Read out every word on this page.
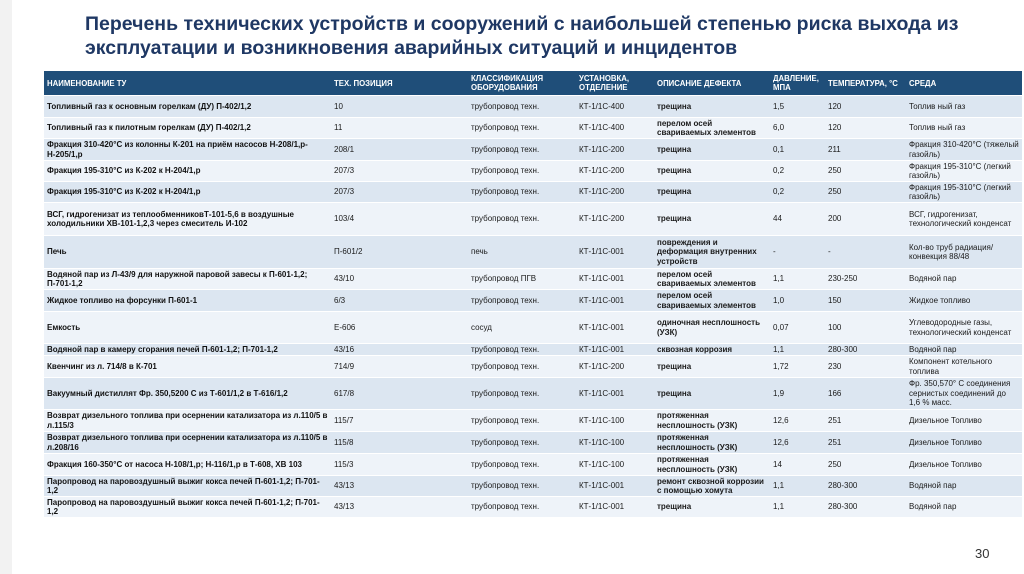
Перечень технических устройств и сооружений с наибольшей степенью риска выхода из эксплуатации и возникновения аварийных ситуаций и инцидентов
НАИМЕНОВАНИЕ ТУ	ТЕХ. ПОЗИЦИЯ	КЛАССИФИКАЦИЯ ОБОРУДОВАНИЯ	УСТАНОВКА, ОТДЕЛЕНИЕ	ОПИСАНИЕ ДЕФЕКТА	ДАВЛЕНИЕ, МПА	ТЕМПЕРАТУРА, °С	СРЕДА
Топливный газ к основным горелкам (ДУ) П-402/1,2	10	трубопровод техн.	КТ-1/1С-400	трещина	1,5	120	Топлив ный газ
Топливный газ к пилотным горелкам (ДУ) П-402/1,2	11	трубопровод техн.	КТ-1/1С-400	перелом осей свариваемых элементов	6,0	120	Топлив ный газ
Фракция 310-420°С из колонны К-201 на приём насосов Н-208/1,р-Н-205/1,р	208/1	трубопровод техн.	КТ-1/1С-200	трещина	0,1	211	Фракция 310-420°С (тяжелый газойль)
Фракция 195-310°С из К-202 к Н-204/1,р	207/3	трубопровод техн.	КТ-1/1С-200	трещина	0,2	250	Фракция 195-310°С (легкий газойль)
Фракция 195-310°С из К-202 к Н-204/1,р	207/3	трубопровод техн.	КТ-1/1С-200	трещина	0,2	250	Фракция 195-310°С (легкий газойль)
ВСГ, гидрогенизат из теплообменниковТ-101-5,6 в воздушные холодильники ХВ-101-1,2,3 через смеситель И-102	103/4	трубопровод техн.	КТ-1/1С-200	трещина	44	200	ВСГ, гидрогенизат, технологический конденсат
Печь	П-601/2	печь	КТ-1/1С-001	повреждения и деформация внутренних устройств	-	-	Кол-во труб радиация/конвекция 88/48
Водяной пар из Л-43/9 для наружной паровой завесы к П-601-1,2; П-701-1,2	43/10	трубопровод ПГВ	КТ-1/1С-001	перелом осей свариваемых элементов	1,1	230-250	Водяной пар
Жидкое топливо на форсунки П-601-1	6/3	трубопровод техн.	КТ-1/1С-001	перелом осей свариваемых элементов	1,0	150	Жидкое топливо
Емкость	Е-606	сосуд	КТ-1/1С-001	одиночная несплошность (УЗК)	0,07	100	Углеводородные газы, технологический конденсат
Водяной пар в камеру сгорания печей П-601-1,2; П-701-1,2	43/16	трубопровод техн.	КТ-1/1С-001	сквозная коррозия	1,1	280-300	Водяной пар
Квенчинг из л. 714/8 в К-701	714/9	трубопровод техн.	КТ-1/1С-200	трещина	1,72	230	Компонент котельного топлива
Вакуумный дистиллят Фр. 350,5200 С из Т-601/1,2 в Т-616/1,2	617/8	трубопровод техн.	КТ-1/1С-001	трещина	1,9	166	Фр. 350,570° С соединения сернистых соединений до 1,6 % масс.
Возврат дизельного топлива при осернении катализатора из л.110/5 в л.115/3	115/7	трубопровод техн.	КТ-1/1С-100	протяженная несплошность (УЗК)	12,6	251	Дизельное Топливо
Возврат дизельного топлива при осернении катализатора из л.110/5 в л.208/16	115/8	трубопровод техн.	КТ-1/1С-100	протяженная несплошность (УЗК)	12,6	251	Дизельное Топливо
Фракция 160-350°С от насоса Н-108/1,р; Н-116/1,р в Т-608, ХВ 103	115/3	трубопровод техн.	КТ-1/1С-100	протяженная несплошность (УЗК)	14	250	Дизельное Топливо
Паропровод на паровоздушный выжиг кокса печей П-601-1,2; П-701-1,2	43/13	трубопровод техн.	КТ-1/1С-001	ремонт сквозной коррозии с помощью хомута	1,1	280-300	Водяной пар
Паропровод на паровоздушный выжиг кокса печей П-601-1,2; П-701-1,2	43/13	трубопровод техн.	КТ-1/1С-001	трещина	1,1	280-300	Водяной пар
30
